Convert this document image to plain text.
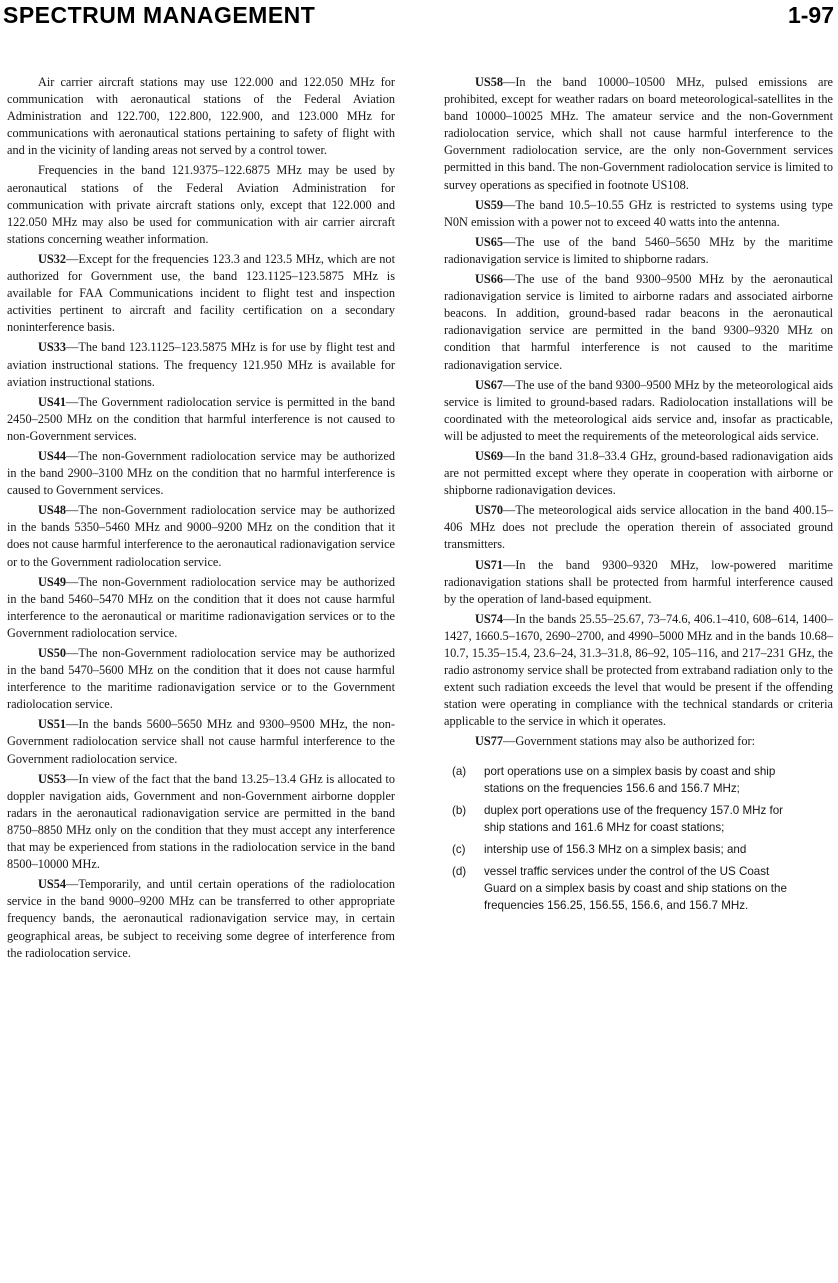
SPECTRUM MANAGEMENT	1-97

Air carrier aircraft stations may use 122.000 and 122.050 MHz for communication with aeronautical stations of the Federal Aviation Administration and 122.700, 122.800, 122.900, and 123.000 MHz for communications with aeronautical stations pertaining to safety of flight with and in the vicinity of landing areas not served by a control tower.

Frequencies in the band 121.9375–122.6875 MHz may be used by aeronautical stations of the Federal Aviation Administration for communication with private aircraft stations only, except that 122.000 and 122.050 MHz may also be used for communication with air carrier aircraft stations concerning weather information.

US32—Except for the frequencies 123.3 and 123.5 MHz, which are not authorized for Government use, the band 123.1125–123.5875 MHz is available for FAA Communications incident to flight test and inspection activities pertinent to aircraft and facility certification on a secondary noninterference basis.

US33—The band 123.1125–123.5875 MHz is for use by flight test and aviation instructional stations. The frequency 121.950 MHz is available for aviation instructional stations.

US41—The Government radiolocation service is permitted in the band 2450–2500 MHz on the condition that harmful interference is not caused to non-Government services.

US44—The non-Government radiolocation service may be authorized in the band 2900–3100 MHz on the condition that no harmful interference is caused to Government services.

US48—The non-Government radiolocation service may be authorized in the bands 5350–5460 MHz and 9000–9200 MHz on the condition that it does not cause harmful interference to the aeronautical radionavigation service or to the Government radiolocation service.

US49—The non-Government radiolocation service may be authorized in the band 5460–5470 MHz on the condition that it does not cause harmful interference to the aeronautical or maritime radionavigation services or to the Government radiolocation service.

US50—The non-Government radiolocation service may be authorized in the band 5470–5600 MHz on the condition that it does not cause harmful interference to the maritime radionavigation service or to the Government radiolocation service.

US51—In the bands 5600–5650 MHz and 9300–9500 MHz, the non-Government radiolocation service shall not cause harmful interference to the Government radiolocation service.

US53—In view of the fact that the band 13.25–13.4 GHz is allocated to doppler navigation aids, Government and non-Government airborne doppler radars in the aeronautical radionavigation service are permitted in the band 8750–8850 MHz only on the condition that they must accept any interference that may be experienced from stations in the radiolocation service in the band 8500–10000 MHz.

US54—Temporarily, and until certain operations of the radiolocation service in the band 9000–9200 MHz can be transferred to other appropriate frequency bands, the aeronautical radionavigation service may, in certain geographical areas, be subject to receiving some degree of interference from the radiolocation service.

US58—In the band 10000–10500 MHz, pulsed emissions are prohibited, except for weather radars on board meteorological-satellites in the band 10000–10025 MHz. The amateur service and the non-Government radiolocation service, which shall not cause harmful interference to the Government radiolocation service, are the only non-Government services permitted in this band. The non-Government radiolocation service is limited to survey operations as specified in footnote US108.

US59—The band 10.5–10.55 GHz is restricted to systems using type N0N emission with a power not to exceed 40 watts into the antenna.

US65—The use of the band 5460–5650 MHz by the maritime radionavigation service is limited to shipborne radars.

US66—The use of the band 9300–9500 MHz by the aeronautical radionavigation service is limited to airborne radars and associated airborne beacons. In addition, ground-based radar beacons in the aeronautical radionavigation service are permitted in the band 9300–9320 MHz on condition that harmful interference is not caused to the maritime radionavigation service.

US67—The use of the band 9300–9500 MHz by the meteorological aids service is limited to ground-based radars. Radiolocation installations will be coordinated with the meteorological aids service and, insofar as practicable, will be adjusted to meet the requirements of the meteorological aids service.

US69—In the band 31.8–33.4 GHz, ground-based radionavigation aids are not permitted except where they operate in cooperation with airborne or shipborne radionavigation devices.

US70—The meteorological aids service allocation in the band 400.15–406 MHz does not preclude the operation therein of associated ground transmitters.

US71—In the band 9300–9320 MHz, low-powered maritime radionavigation stations shall be protected from harmful interference caused by the operation of land-based equipment.

US74—In the bands 25.55–25.67, 73–74.6, 406.1–410, 608–614, 1400–1427, 1660.5–1670, 2690–2700, and 4990–5000 MHz and in the bands 10.68–10.7, 15.35–15.4, 23.6–24, 31.3–31.8, 86–92, 105–116, and 217–231 GHz, the radio astronomy service shall be protected from extraband radiation only to the extent such radiation exceeds the level that would be present if the offending station were operating in compliance with the technical standards or criteria applicable to the service in which it operates.

US77—Government stations may also be authorized for:

(a)	port operations use on a simplex basis by coast and ship stations on the frequencies 156.6 and 156.7 MHz;
(b)	duplex port operations use of the frequency 157.0 MHz for ship stations and 161.6 MHz for coast stations;
(c)	intership use of 156.3 MHz on a simplex basis; and
(d)	vessel traffic services under the control of the US Coast Guard on a simplex basis by coast and ship stations on the frequencies 156.25, 156.55, 156.6, and 156.7 MHz.
